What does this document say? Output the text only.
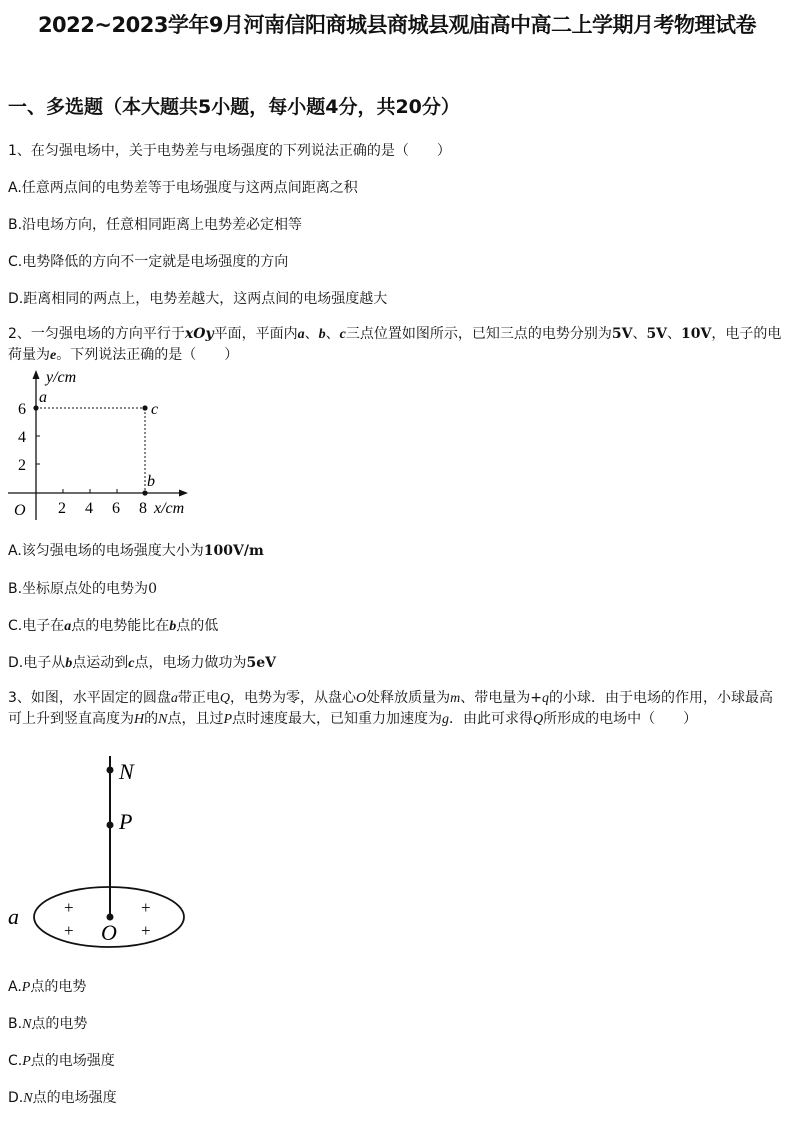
2022~2023学年9月河南信阳商城县商城县观庙高中高二上学期月考物理试卷
一、多选题（本大题共5小题，每小题4分，共20分）
1、在匀强电场中，关于电势差与电场强度的下列说法正确的是（　　）
A.任意两点间的电势差等于电场强度与这两点间距离之积
B.沿电场方向，任意相同距离上电势差必定相等
C.电势降低的方向不一定就是电场强度的方向
D.距离相同的两点上，电势差越大，这两点间的电场强度越大
2、一匀强电场的方向平行于xOy平面，平面内a、b、c三点位置如图所示，已知三点的电势分别为5V、5V、10V，电子的电荷量为e。下列说法正确的是（　　）
y/cm
x/cm
O
6
4
2
2 4 6 8
a
c
b
A.该匀强电场的电场强度大小为100V/m
B.坐标原点处的电势为0
C.电子在a点的电势能比在b点的低
D.电子从b点运动到c点，电场力做功为5eV
3、如图，水平固定的圆盘a带正电Q，电势为零，从盘心O处释放质量为m、带电量为+q的小球．由于电场的作用，小球最高可上升到竖直高度为H的N点，且过P点时速度最大，已知重力加速度为g．由此可求得Q所形成的电场中（　　）
N
P
a
O
+	+
+	+
A.P点的电势
B.N点的电势
C.P点的电场强度
D.N点的电场强度
